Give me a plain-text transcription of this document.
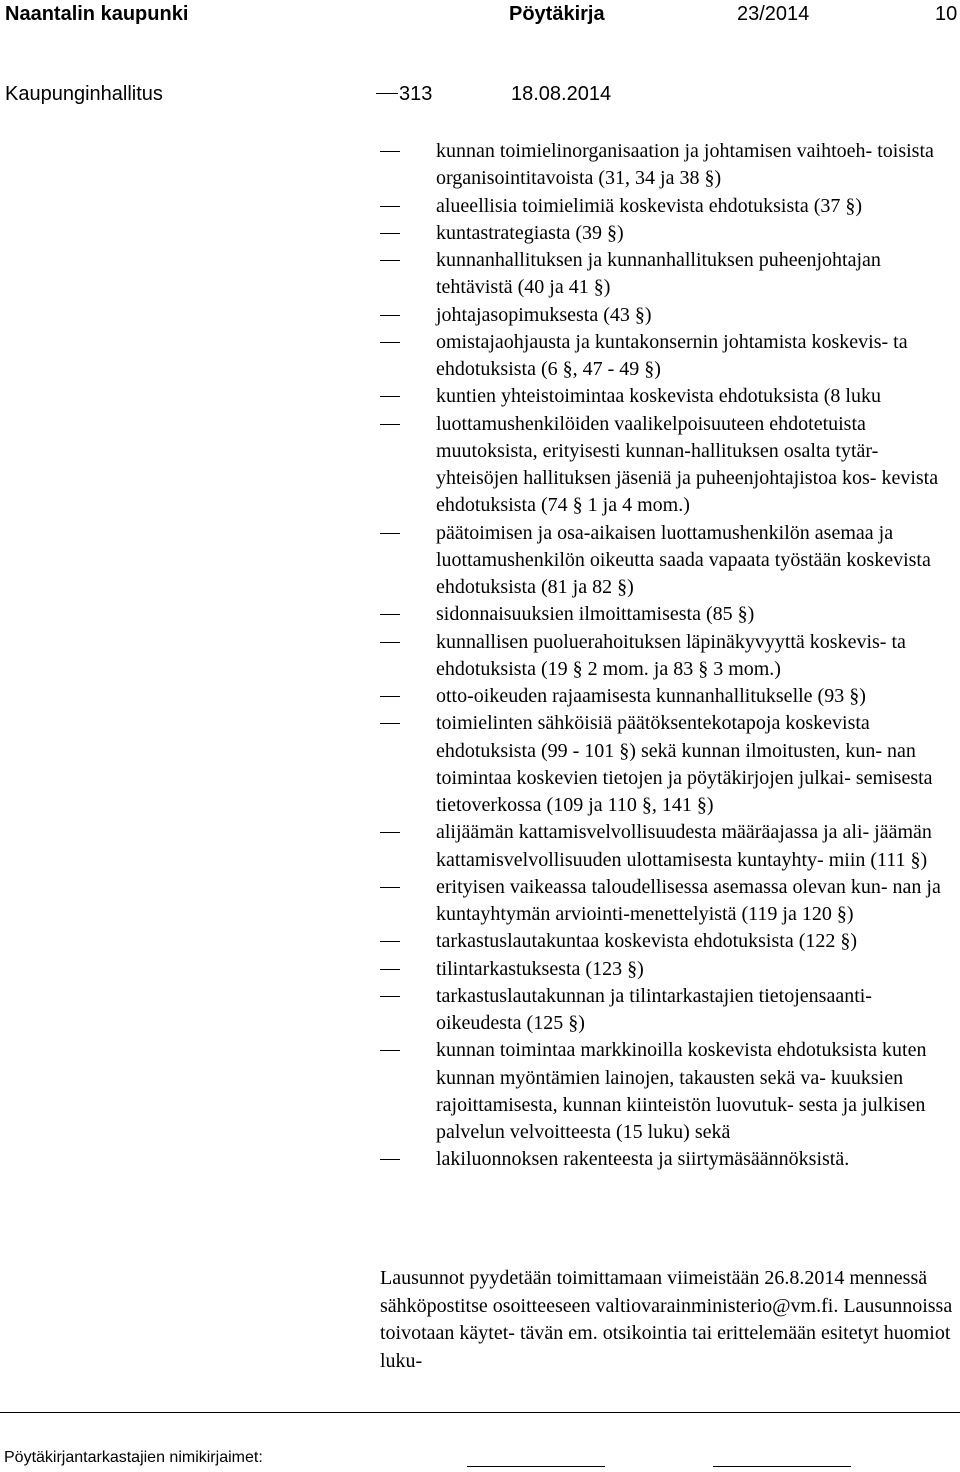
Naantalin kaupunki	Pöytäkirja	23/2014	10
Kaupunginhallitus	313	18.08.2014
kunnan toimielinorganisaation ja johtamisen vaihtoeh- toisista organisointitavoista (31, 34 ja 38 §)
alueellisia toimielimiä koskevista ehdotuksista (37 §)
kuntastrategiasta (39 §)
kunnanhallituksen ja kunnanhallituksen puheenjohtajan tehtävistä (40 ja 41 §)
johtajasopimuksesta (43 §)
omistajaohjausta ja kuntakonsernin johtamista koskevis- ta ehdotuksista (6 §, 47 - 49 §)
kuntien yhteistoimintaa koskevista ehdotuksista (8 luku
luottamushenkilöiden vaalikelpoisuuteen ehdotetuista muutoksista, erityisesti kunnan-hallituksen osalta tytär- yhteisöjen hallituksen jäseniä ja puheenjohtajistoa kos- kevista ehdotuksista (74 § 1 ja 4 mom.)
päätoimisen ja osa-aikaisen luottamushenkilön asemaa ja luottamushenkilön oikeutta saada vapaata työstään koskevista ehdotuksista (81 ja 82 §)
sidonnaisuuksien ilmoittamisesta (85 §)
kunnallisen puoluerahoituksen läpinäkyvyyttä koskevis- ta ehdotuksista (19 § 2 mom. ja 83 § 3 mom.)
otto-oikeuden rajaamisesta kunnanhallitukselle (93 §)
toimielinten sähköisiä päätöksentekotapoja koskevista ehdotuksista (99 - 101 §) sekä kunnan ilmoitusten, kun- nan toimintaa koskevien tietojen ja pöytäkirjojen julkai- semisesta tietoverkossa (109 ja 110 §, 141 §)
alijäämän kattamisvelvollisuudesta määräajassa ja ali- jäämän kattamisvelvollisuuden ulottamisesta kuntayhty- miin (111 §)
erityisen vaikeassa taloudellisessa asemassa olevan kun- nan ja kuntayhtymän arviointi-menettelyistä (119 ja 120 §)
tarkastuslautakuntaa koskevista ehdotuksista (122 §)
tilintarkastuksesta (123 §)
tarkastuslautakunnan ja tilintarkastajien tietojensaanti- oikeudesta (125 §)
kunnan toimintaa markkinoilla koskevista ehdotuksista kuten kunnan myöntämien lainojen, takausten sekä va- kuuksien rajoittamisesta, kunnan kiinteistön luovutuk- sesta ja julkisen palvelun velvoitteesta (15 luku) sekä
lakiluonnoksen rakenteesta ja siirtymäsäännöksistä.

Lausunnot pyydetään toimittamaan viimeistään 26.8.2014 mennessä sähköpostitse osoitteeseen valtiovarainministerio@vm.fi. Lausunnoissa toivotaan käytet- tävän em. otsikointia tai erittelemään esitetyt huomiot luku-

Pöytäkirjantarkastajien nimikirjaimet:
